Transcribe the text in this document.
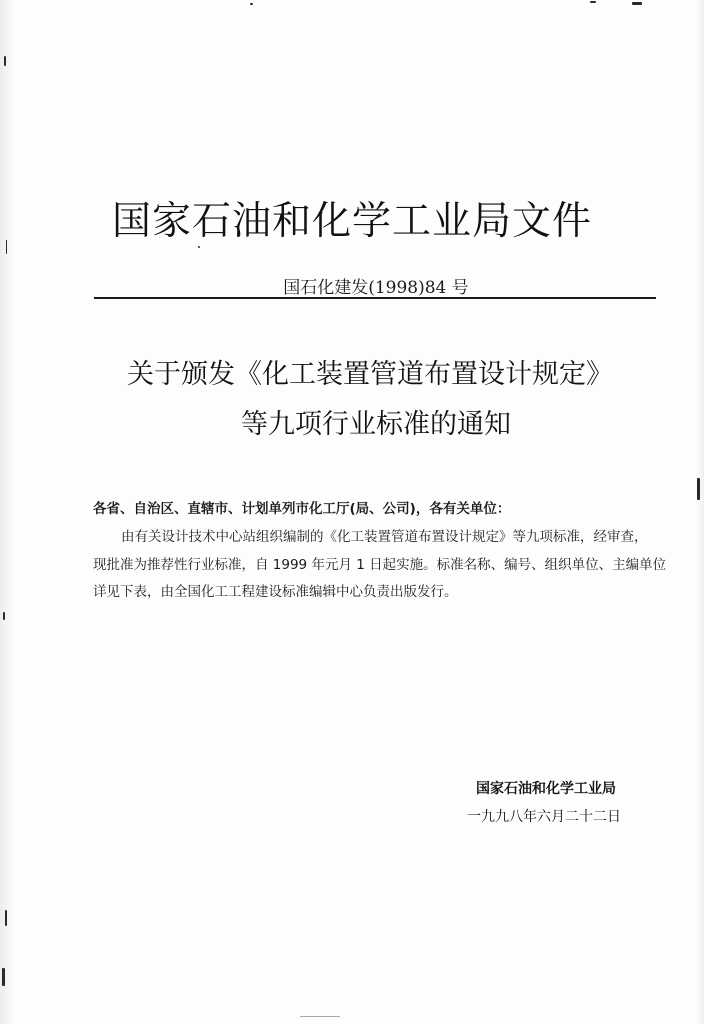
国家石油和化学工业局文件
国石化建发(1998)84 号
关于颁发《化工装置管道布置设计规定》
等九项行业标准的通知
各省、自治区、直辖市、计划单列市化工厅(局、公司)，各有关单位：
由有关设计技术中心站组织编制的《化工装置管道布置设计规定》等九项标准，经审查，
现批准为推荐性行业标准，自 1999 年元月 1 日起实施。标准名称、编号、组织单位、主编单位
详见下表，由全国化工工程建设标准编辑中心负责出版发行。
国家石油和化学工业局
一九九八年六月二十二日
